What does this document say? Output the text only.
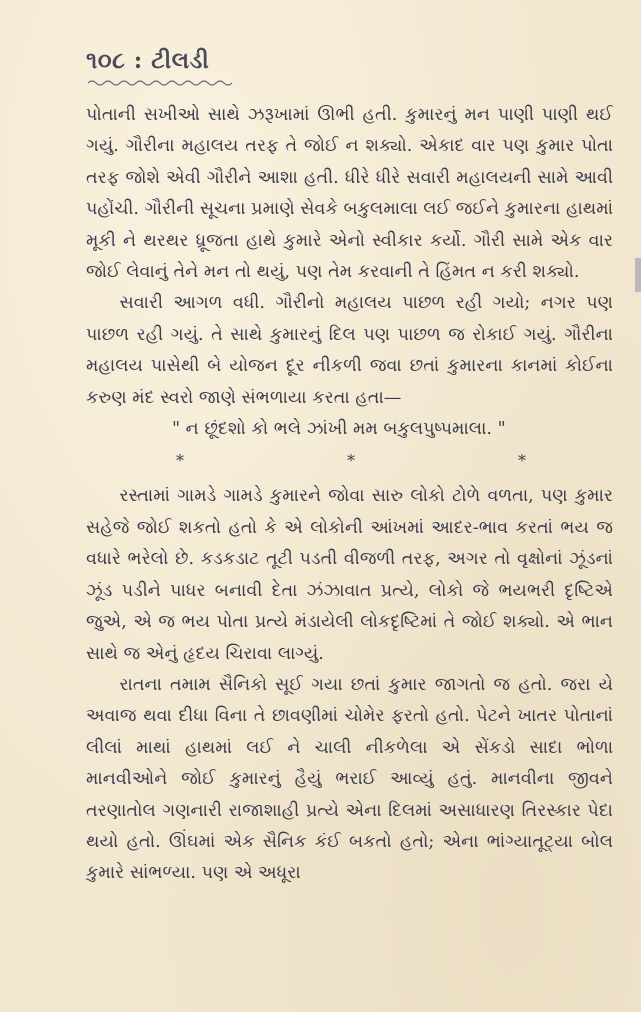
૧૦૮ : ટીલડી

પોતાની સખીઓ સાથે ઝરૂખામાં ઊભી હતી. કુમારનું મન પાણી પાણી થઈ ગયું. ગૌરીના મહાલય તરફ તે જોઈ ન શક્યો. એકાદ વાર પણ કુમાર પોતા તરફ જોશે એવી ગૌરીને આશા હતી. ધીરે ધીરે સવારી મહાલયની સામે આવી પહોંચી. ગૌરીની સૂચના પ્રમાણે સેવકે બકુલમાલા લઈ જઈને કુમારના હાથમાં મૂકી ને થરથર ધ્રૂજતા હાથે કુમારે એનો સ્વીકાર કર્યો. ગૌરી સામે એક વાર જોઈ લેવાનું તેને મન તો થયું, પણ તેમ કરવાની તે હિંમત ન કરી શક્યો.

સવારી આગળ વધી. ગૌરીનો મહાલય પાછળ રહી ગયો; નગર પણ પાછળ રહી ગયું. તે સાથે કુમારનું દિલ પણ પાછળ જ રોકાઈ ગયું. ગૌરીના મહાલય પાસેથી બે યોજન દૂર નીકળી જવા છતાં કુમારના કાનમાં કોઈના કરુણ મંદ સ્વરો જાણે સંભળાયા કરતા હતા—

" ન છૂંદશો કો ભલે ઝાંખી મમ બકુલપુષ્પમાલા. "

*	*	*

રસ્તામાં ગામડે ગામડે કુમારને જોવા સારુ લોકો ટોળે વળતા, પણ કુમાર સહેજે જોઈ શકતો હતો કે એ લોકોની આંખમાં આદર-ભાવ કરતાં ભય જ વધારે ભરેલો છે. કડકડાટ તૂટી પડતી વીજળી તરફ, અગર તો વૃક્ષોનાં ઝૂંડનાં ઝૂંડ પડીને પાધર બનાવી દેતા ઝંઝાવાત પ્રત્યે, લોકો જે ભયભરી દૃષ્ટિએ જુએ, એ જ ભય પોતા પ્રત્યે મંડાયેલી લોકદૃષ્ટિમાં તે જોઈ શક્યો. એ ભાન સાથે જ એનું હૃદય ચિરાવા લાગ્યું.

રાતના તમામ સૈનિકો સૂઈ ગયા છતાં કુમાર જાગતો જ હતો. જરા યે અવાજ થવા દીધા વિના તે છાવણીમાં ચોમેર ફરતો હતો. પેટને ખાતર પોતાનાં લીલાં માથાં હાથમાં લઈ ને ચાલી નીકળેલા એ સેંકડો સાદા ભોળા માનવીઓને જોઈ કુમારનું હૈયું ભરાઈ આવ્યું હતું. માનવીના જીવને તરણાતોલ ગણનારી રાજાશાહી પ્રત્યે એના દિલમાં અસાધારણ તિરસ્કાર પેદા થયો હતો. ઊંઘમાં એક સૈનિક કંઈ બકતો હતો; એના ભાંગ્યાતૂટ્યા બોલ કુમારે સાંભળ્યા. પણ એ અધૂરા
